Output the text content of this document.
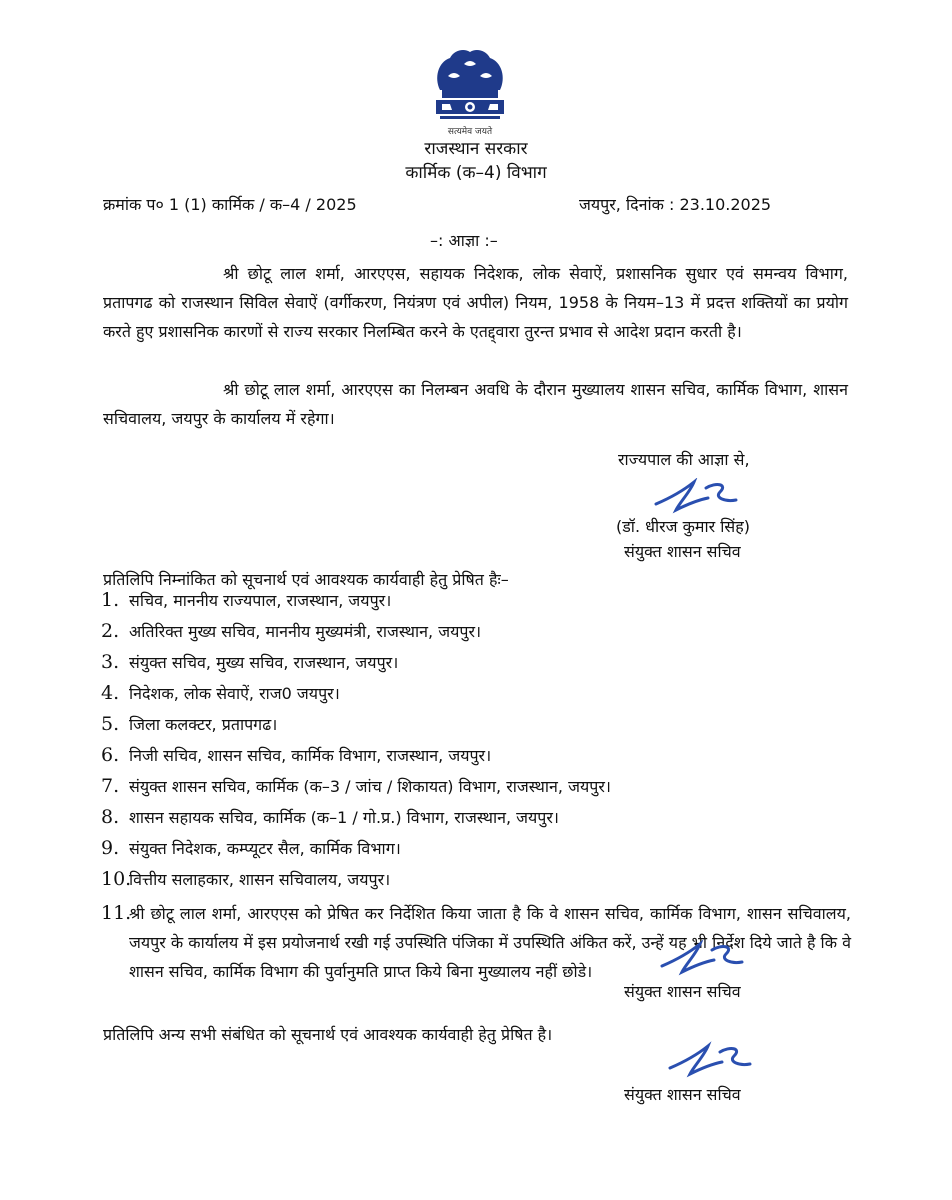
सत्यमेव जयते
राजस्थान सरकार
कार्मिक (क–4) विभाग
क्रमांक प० 1 (1) कार्मिक / क–4 / 2025	जयपुर, दिनांक : 23.10.2025
–: आज्ञा :–

श्री छोटू लाल शर्मा, आरएएस, सहायक निदेशक, लोक सेवाऐं, प्रशासनिक सुधार एवं समन्वय विभाग, प्रतापगढ को राजस्थान सिविल सेवाऐं (वर्गीकरण, नियंत्रण एवं अपील) नियम, 1958 के नियम–13 में प्रदत्त शक्तियों का प्रयोग करते हुए प्रशासनिक कारणों से राज्य सरकार निलम्बित करने के एतद्द्वारा तुरन्त प्रभाव से आदेश प्रदान करती है।

श्री छोटू लाल शर्मा, आरएएस का निलम्बन अवधि के दौरान मुख्यालय शासन सचिव, कार्मिक विभाग, शासन सचिवालय, जयपुर के कार्यालय में रहेगा।

राज्यपाल की आज्ञा से,
(डॉ. धीरज कुमार सिंह)
संयुक्त शासन सचिव
प्रतिलिपि निम्नांकित को सूचनार्थ एवं आवश्यक कार्यवाही हेतु प्रेषित हैः–
1. सचिव, माननीय राज्यपाल, राजस्थान, जयपुर।
2. अतिरिक्त मुख्य सचिव, माननीय मुख्यमंत्री, राजस्थान, जयपुर।
3. संयुक्त सचिव, मुख्य सचिव, राजस्थान, जयपुर।
4. निदेशक, लोक सेवाऐं, राज0 जयपुर।
5. जिला कलक्टर, प्रतापगढ।
6. निजी सचिव, शासन सचिव, कार्मिक विभाग, राजस्थान, जयपुर।
7. संयुक्त शासन सचिव, कार्मिक (क–3 / जांच / शिकायत) विभाग, राजस्थान, जयपुर।
8. शासन सहायक सचिव, कार्मिक (क–1 / गो.प्र.) विभाग, राजस्थान, जयपुर।
9. संयुक्त निदेशक, कम्प्यूटर सैल, कार्मिक विभाग।
10.
वित्तीय सलाहकार, शासन सचिवालय, जयपुर।
11.
श्री छोटू लाल शर्मा, आरएएस को प्रेषित कर निर्देशित किया जाता है कि वे शासन सचिव, कार्मिक विभाग, शासन सचिवालय, जयपुर के कार्यालय में इस प्रयोजनार्थ रखी गई उपस्थिति पंजिका में उपस्थिति अंकित करें, उन्हें यह भी निर्देश दिये जाते है कि वे शासन सचिव, कार्मिक विभाग की पुर्वानुमति प्राप्त किये बिना मुख्यालय नहीं छोडे।
संयुक्त शासन सचिव
प्रतिलिपि अन्य सभी संबंधित को सूचनार्थ एवं आवश्यक कार्यवाही हेतु प्रेषित है।
संयुक्त शासन सचिव
